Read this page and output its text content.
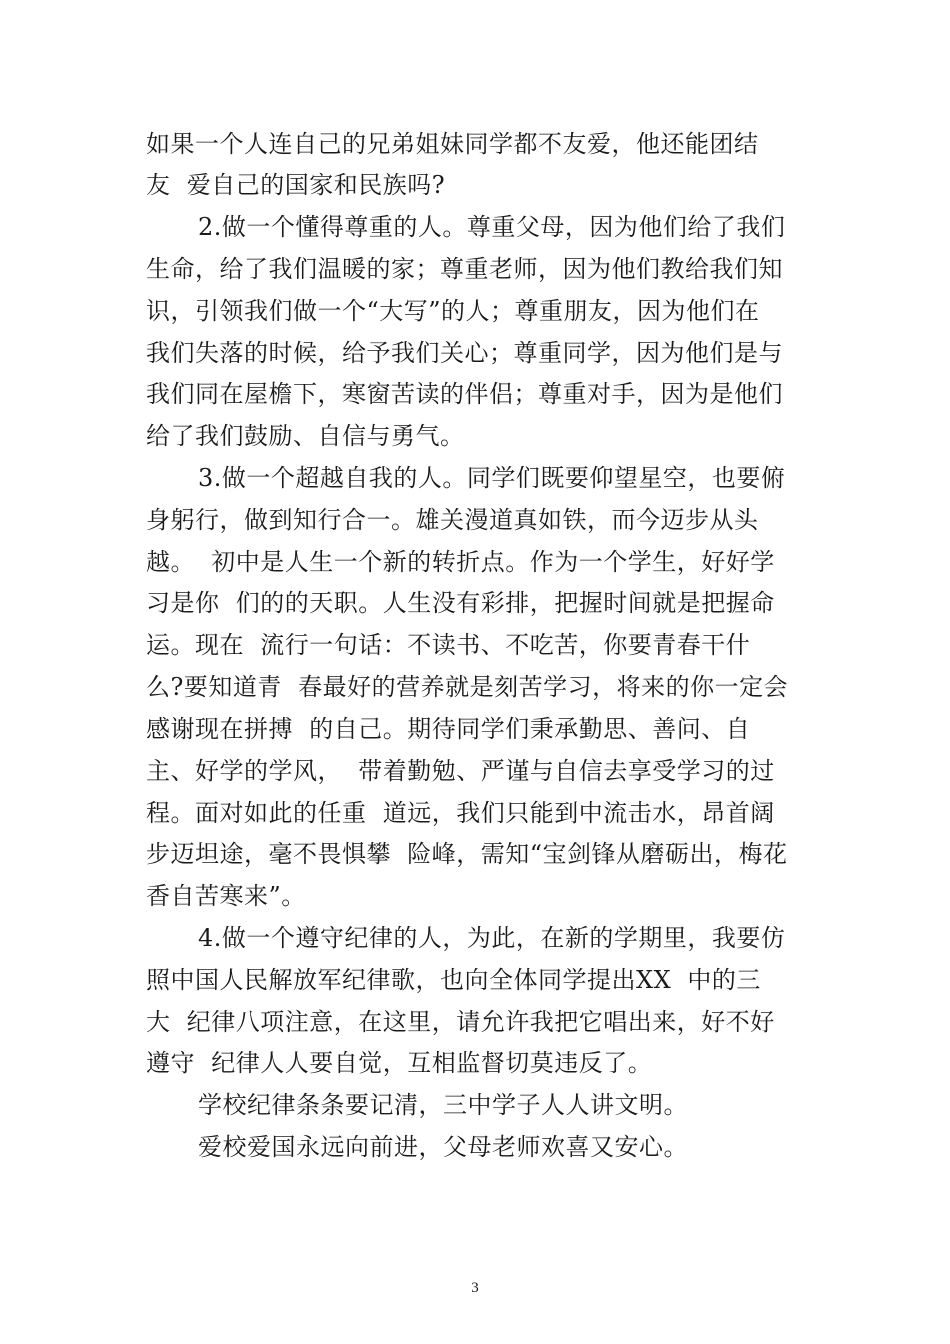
如果一个人连自己的兄弟姐妹同学都不友爱，他还能团结
友  爱自己的国家和民族吗?
2.做一个懂得尊重的人。尊重父母，因为他们给了我们
生命，给了我们温暖的家；尊重老师，因为他们教给我们知
识，引领我们做一个“大写”的人；尊重朋友，因为他们在
我们失落的时候，给予我们关心；尊重同学，因为他们是与
我们同在屋檐下，寒窗苦读的伴侣；尊重对手，因为是他们
给了我们鼓励、自信与勇气。
3.做一个超越自我的人。同学们既要仰望星空，也要俯
身躬行，做到知行合一。雄关漫道真如铁，而今迈步从头
越。  初中是人生一个新的转折点。作为一个学生，好好学
习是你  们的的天职。人生没有彩排，把握时间就是把握命
运。现在  流行一句话：不读书、不吃苦，你要青春干什
么?要知道青  春最好的营养就是刻苦学习，将来的你一定会
感谢现在拼搏  的自己。期待同学们秉承勤思、善问、自
主、好学的学风，  带着勤勉、严谨与自信去享受学习的过
程。面对如此的任重  道远，我们只能到中流击水，昂首阔
步迈坦途，毫不畏惧攀  险峰，需知“宝剑锋从磨砺出，梅花
香自苦寒来”。
4.做一个遵守纪律的人，为此，在新的学期里，我要仿
照中国人民解放军纪律歌，也向全体同学提出XX  中的三
大  纪律八项注意，在这里，请允许我把它唱出来，好不好
遵守  纪律人人要自觉，互相监督切莫违反了。
学校纪律条条要记清，三中学子人人讲文明。
爱校爱国永远向前进，父母老师欢喜又安心。
3
